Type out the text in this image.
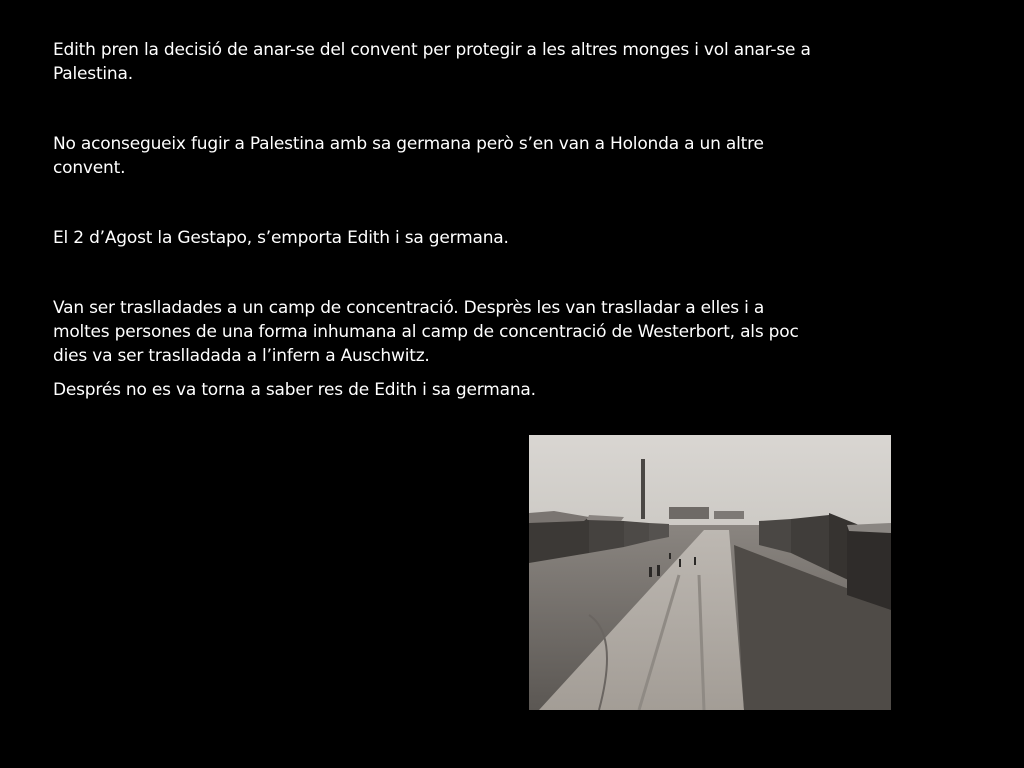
Edith pren la decisió de anar-se del convent per protegir a les altres monges i vol anar-se a
Palestina.

No aconsegueix fugir a Palestina amb sa germana però s’en van a Holonda a un altre
convent.

El 2 d’Agost la Gestapo, s’emporta Edith i sa germana.

Van ser traslladades a un camp de concentració. Desprès les van traslladar a elles i a
moltes persones de una forma inhumana al camp de concentració de Westerbort, als poc
dies va ser traslladada a l’infern a Auschwitz.

Després no es va torna a saber res de Edith i sa germana.
